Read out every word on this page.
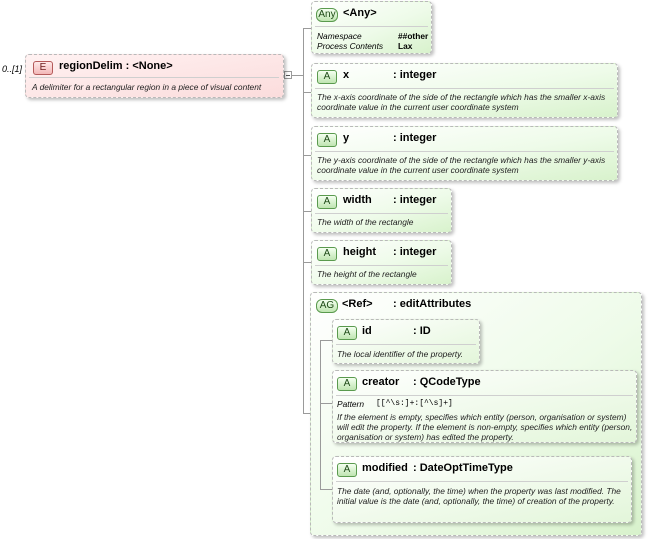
0..[1]	E	regionDelim : <None>
A delimiter for a rectangular region in a piece of visual content
Any <Any>
Namespace	##other
Process Contents Lax
A	x	: integer
The x-axis coordinate of the side of the rectangle which has the smaller x-axis coordinate value in the current user coordinate system
A	y	: integer
The y-axis coordinate of the side of the rectangle which has the smaller y-axis coordinate value in the current user coordinate system
A	width : integer
The width of the rectangle
A	height : integer
The height of the rectangle
AG <Ref> : editAttributes
A	id	: ID
The local identifier of the property.
A	creator : QCodeType
Pattern [[^\s:]+:[^\s]+]
If the element is empty, specifies which entity (person, organisation or system) will edit the property. If the element is non-empty, specifies which entity (person, organisation or system) has edited the property.
A	modified : DateOptTimeType
The date (and, optionally, the time) when the property was last modified. The initial value is the date (and, optionally, the time) of creation of the property.
